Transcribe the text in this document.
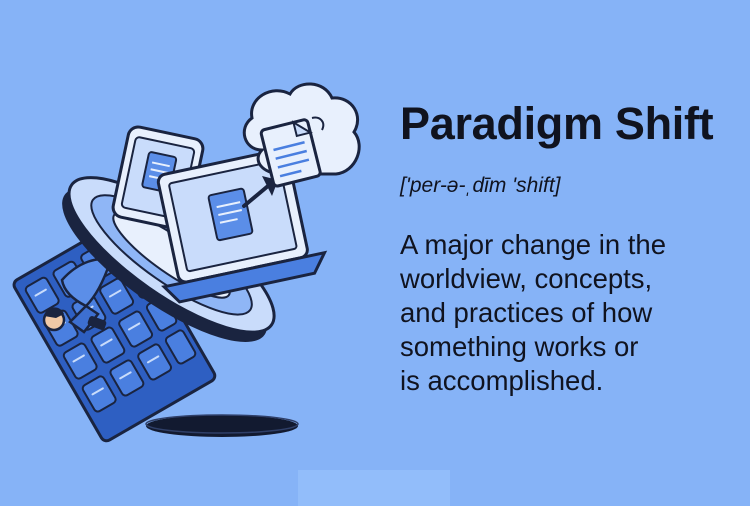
Paradigm Shift
['per-ə-ˌdīm 'shift]
A major change in the
worldview, concepts,
and practices of how
something works or
is accomplished.
